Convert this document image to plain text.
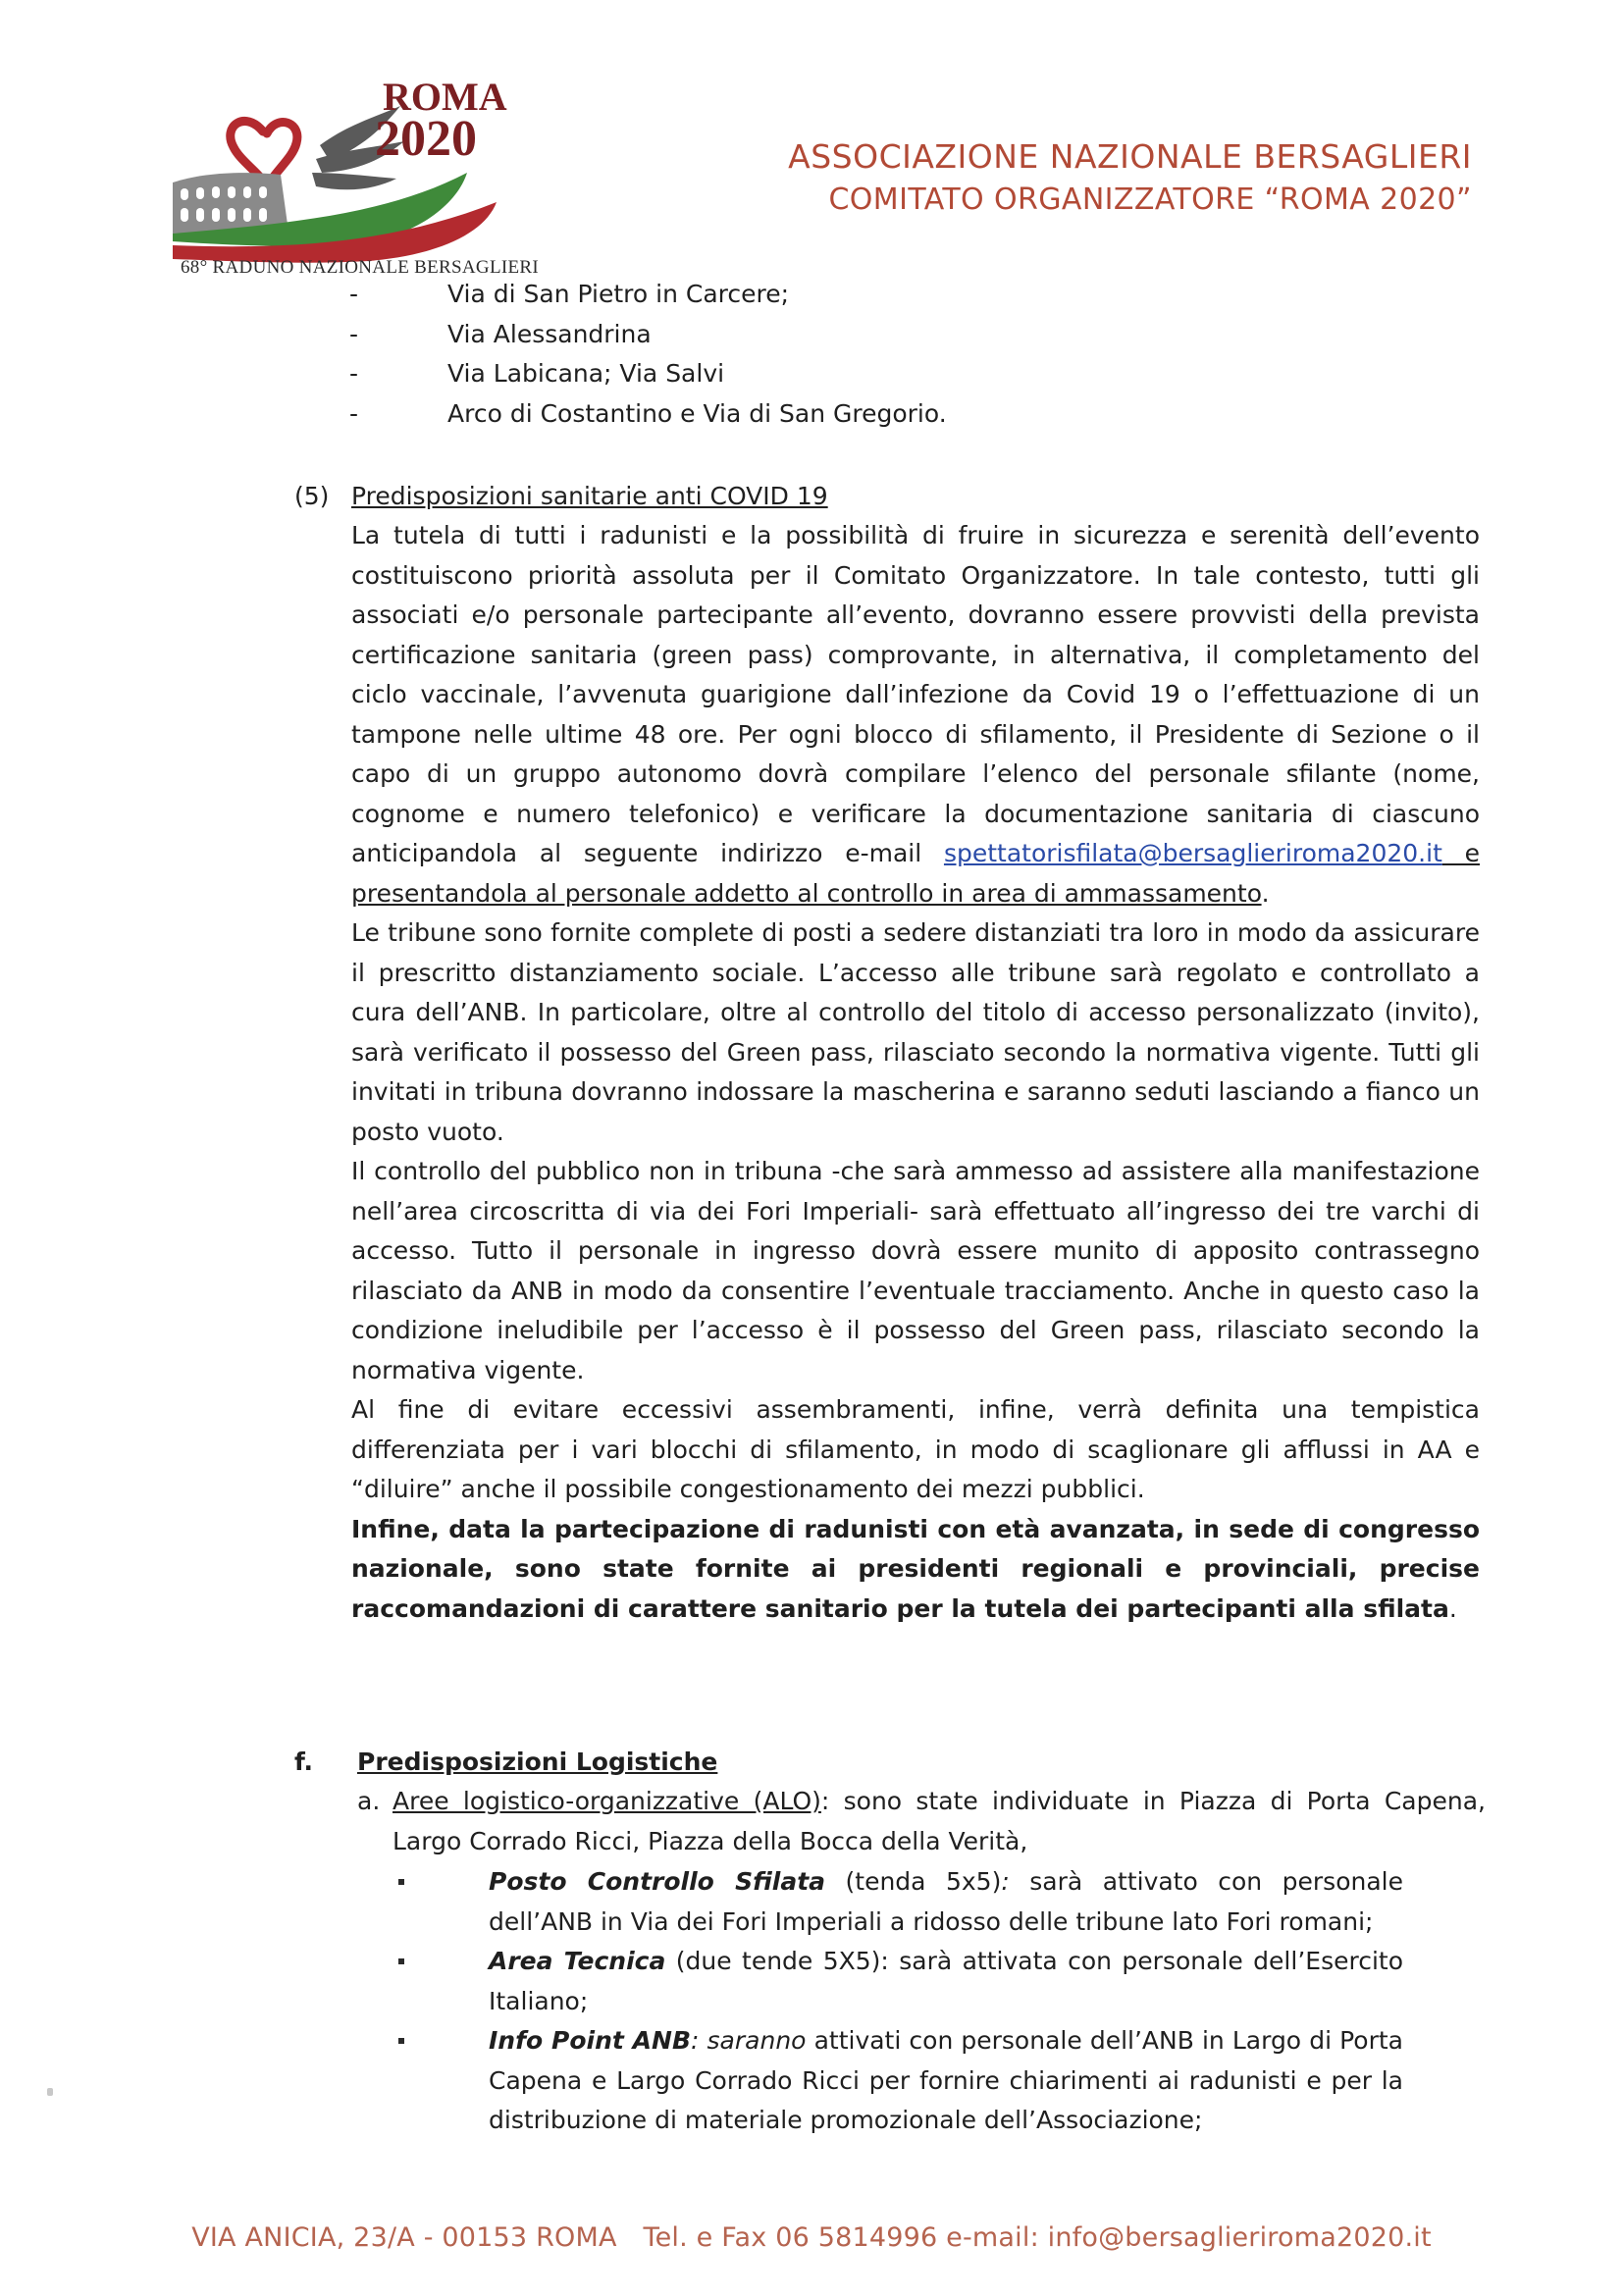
ROMA
2020
68° RADUNO NAZIONALE BERSAGLIERI
ASSOCIAZIONE NAZIONALE BERSAGLIERI
COMITATO ORGANIZZATORE “ROMA 2020”
-	Via di San Pietro in Carcere;
-	Via Alessandrina
-	Via Labicana; Via Salvi
-	Arco di Costantino e Via di San Gregorio.
(5) Predisposizioni sanitarie anti COVID 19

La tutela di tutti i radunisti e la possibilità di fruire in sicurezza e serenità dell’evento costituiscono priorità assoluta per il Comitato Organizzatore. In tale contesto, tutti gli associati e/o personale partecipante all’evento, dovranno essere provvisti della prevista certificazione sanitaria (green pass) comprovante, in alternativa, il completamento del ciclo vaccinale, l’avvenuta guarigione dall’infezione da Covid 19 o l’effettuazione di un tampone nelle ultime 48 ore. Per ogni blocco di sfilamento, il Presidente di Sezione o il capo di un gruppo autonomo dovrà compilare l’elenco del personale sfilante (nome, cognome e numero telefonico) e verificare la documentazione sanitaria di ciascuno anticipandola al seguente indirizzo e-mail spettatorisfilata@bersaglieriroma2020.it e presentandola al personale addetto al controllo in area di ammassamento.

Le tribune sono fornite complete di posti a sedere distanziati tra loro in modo da assicurare il prescritto distanziamento sociale. L’accesso alle tribune sarà regolato e controllato a cura dell’ANB. In particolare, oltre al controllo del titolo di accesso personalizzato (invito), sarà verificato il possesso del Green pass, rilasciato secondo la normativa vigente. Tutti gli invitati in tribuna dovranno indossare la mascherina e saranno seduti lasciando a fianco un posto vuoto.

Il controllo del pubblico non in tribuna -che sarà ammesso ad assistere alla manifestazione nell’area circoscritta di via dei Fori Imperiali- sarà effettuato all’ingresso dei tre varchi di accesso. Tutto il personale in ingresso dovrà essere munito di apposito contrassegno rilasciato da ANB in modo da consentire l’eventuale tracciamento. Anche in questo caso la condizione ineludibile per l’accesso è il possesso del Green pass, rilasciato secondo la normativa vigente.

Al fine di evitare eccessivi assembramenti, infine, verrà definita una tempistica differenziata per i vari blocchi di sfilamento, in modo di scaglionare gli afflussi in AA e “diluire” anche il possibile congestionamento dei mezzi pubblici.

Infine, data la partecipazione di radunisti con età avanzata, in sede di congresso nazionale, sono state fornite ai presidenti regionali e provinciali, precise raccomandazioni di carattere sanitario per la tutela dei partecipanti alla sfilata.

f. Predisposizioni Logistiche
a. Aree logistico-organizzative (ALO): sono state individuate in Piazza di Porta Capena, Largo Corrado Ricci, Piazza della Bocca della Verità,
Posto Controllo Sfilata (tenda 5x5): sarà attivato con personale dell’ANB in Via dei Fori Imperiali a ridosso delle tribune lato Fori romani;
Area Tecnica (due tende 5X5): sarà attivata con personale dell’Esercito Italiano;
Info Point ANB: saranno attivati con personale dell’ANB in Largo di Porta Capena e Largo Corrado Ricci per fornire chiarimenti ai radunisti e per la distribuzione di materiale promozionale dell’Associazione;
VIA ANICIA, 23/A - 00153 ROMA Tel. e Fax 06 5814996 e-mail: info@bersaglieriroma2020.it
